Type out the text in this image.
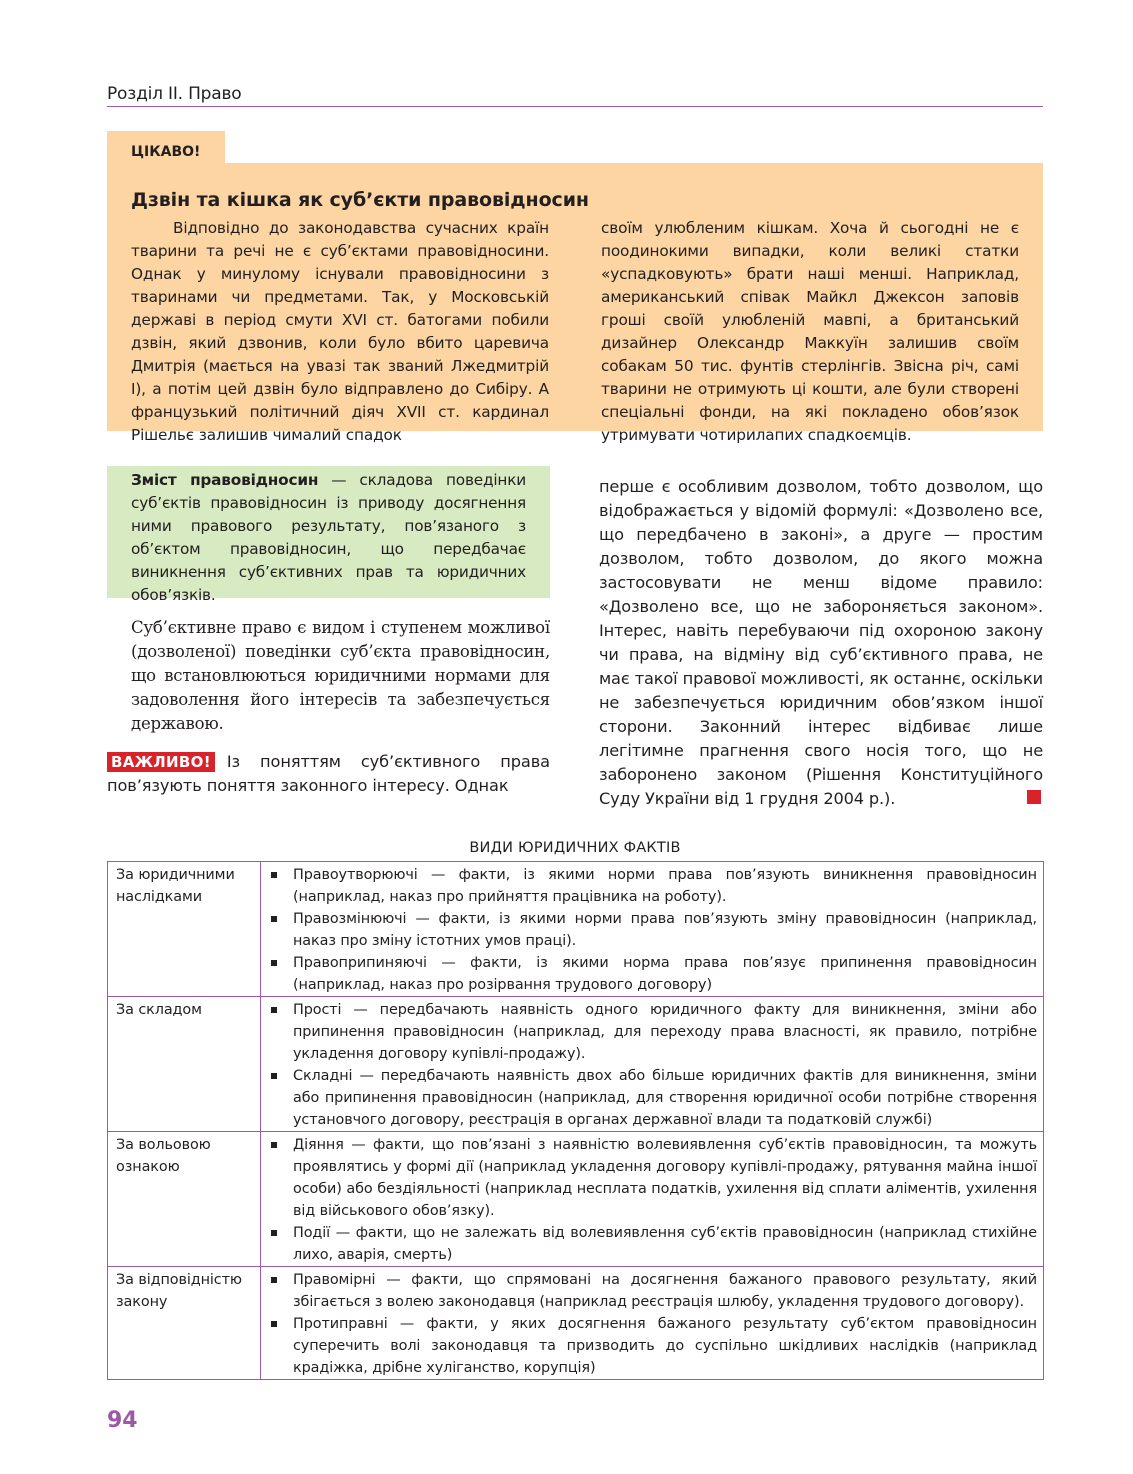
Розділ ІІ. Право
ЦІКАВО!
Дзвін та кішка як суб’єкти правовідносин
Відповідно до законодавства сучасних країн тварини та речі не є суб’єктами правовідносини. Однак у минулому існували правовідносини з тваринами чи предметами. Так, у Московській державі в період смути XVI ст. батогами побили дзвін, який дзвонив, коли було вбито царевича Дмитрія (мається на увазі так званий Лжедмитрій І), а потім цей дзвін було відправлено до Сибіру. А французький політичний діяч XVII ст. кардинал Рішельє залишив чималий спадок
своїм улюбленим кішкам. Хоча й сьогодні не є поодинокими випадки, коли великі статки «успадковують» брати наші менші. Наприклад, американський співак Майкл Джексон заповів гроші своїй улюбленій мавпі, а британський дизайнер Олександр Маккуїн залишив своїм собакам 50 тис. фунтів стерлінгів. Звісна річ, самі тварини не отримують ці кошти, але були створені спеціальні фонди, на які покладено обов’язок утримувати чотирилапих спадкоємців.
Зміст правовідносин — складова поведінки суб’єктів правовідносин із приводу досягнення ними правового результату, пов’язаного з об’єктом правовідносин, що передбачає виникнення суб’єктивних прав та юридичних обов’язків.
Суб’єктивне право є видом і ступенем можливої (дозволеної) поведінки суб’єкта правовідносин, що встановлюються юридичними нормами для задоволення його інтересів та забезпечується державою.
ВАЖЛИВО! Із поняттям суб’єктивного права пов’язують поняття законного інтересу. Однак
перше є особливим дозволом, тобто дозволом, що відображається у відомій формулі: «Дозволено все, що передбачено в законі», а друге — простим дозволом, тобто дозволом, до якого можна застосовувати не менш відоме правило: «Дозволено все, що не забороняється законом». Інтерес, навіть перебуваючи під охороною закону чи права, на відміну від суб’єктивного права, не має такої правової можливості, як останнє, оскільки не забезпечується юридичним обов’язком іншої сторони. Законний інтерес відбиває лише легітимне прагнення свого носія того, що не заборонено законом (Рішення Конституційного Суду України від 1 грудня 2004 р.).
ВИДИ ЮРИДИЧНИХ ФАКТІВ
За юридичними наслідками	Правоутворюючі — факти, із якими норми права пов’язують виникнення правовідносин (наприклад, наказ про прийняття працівника на роботу).
Правозмінюючі — факти, із якими норми права пов’язують зміну правовідносин (наприклад, наказ про зміну істотних умов праці).
Правоприпиняючі — факти, із якими норма права пов’язує припинення правовідносин (наприклад, наказ про розірвання трудового договору)

За складом	Прості — передбачають наявність одного юридичного факту для виникнення, зміни або припинення правовідносин (наприклад, для переходу права власності, як правило, потрібне укладення договору купівлі-продажу).
Складні — передбачають наявність двох або більше юридичних фактів для виникнення, зміни або припинення правовідносин (наприклад, для створення юридичної особи потрібне створення установчого договору, реєстрація в органах державної влади та податковій службі)

За вольовою ознакою	Діяння — факти, що пов’язані з наявністю волевиявлення суб’єктів правовідносин, та можуть проявлятись у формі дії (наприклад укладення договору купівлі-продажу, рятування майна іншої особи) або бездіяльності (наприклад несплата податків, ухилення від сплати аліментів, ухилення від військового обов’язку).
Події — факти, що не залежать від волевиявлення суб’єктів правовідносин (наприклад стихійне лихо, аварія, смерть)

За відповідністю закону	Правомірні — факти, що спрямовані на досягнення бажаного правового результату, який збігається з волею законодавця (наприклад реєстрація шлюбу, укладення трудового договору).
Протиправні — факти, у яких досягнення бажаного результату суб’єктом правовідносин суперечить волі законодавця та призводить до суспільно шкідливих наслідків (наприклад крадіжка, дрібне хуліганство, корупція)
94
